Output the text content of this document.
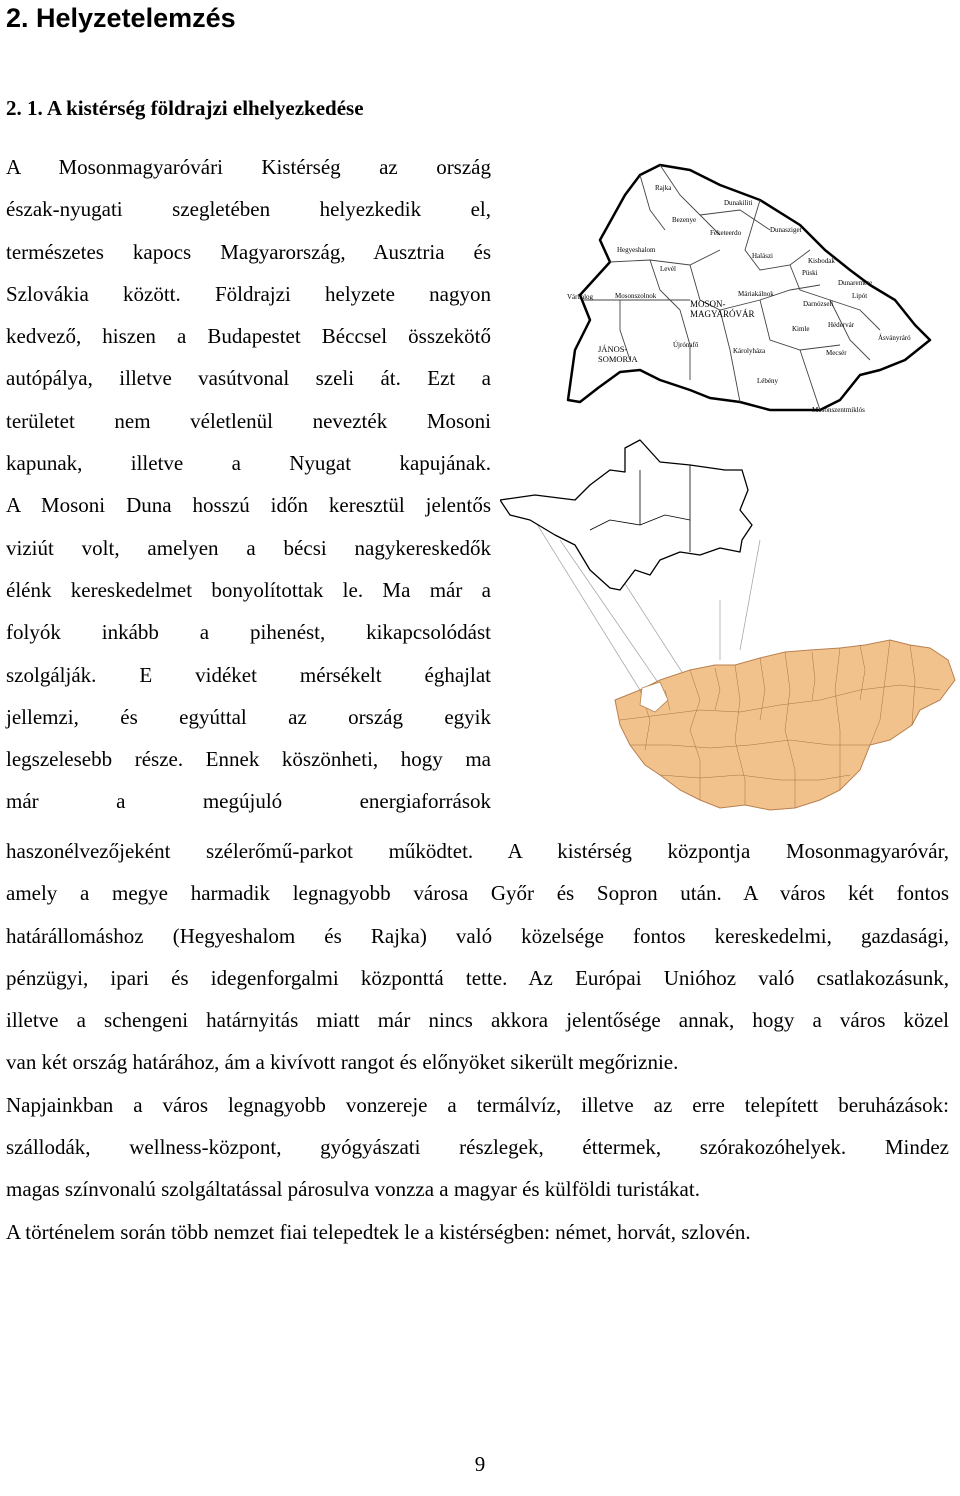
2. Helyzetelemzés
2. 1. A kistérség földrajzi elhelyezkedése
A Mosonmagyaróvári Kistérség az ország
észak-nyugati szegletében helyezkedik el,
természetes kapocs Magyarország, Ausztria és
Szlovákia között. Földrajzi helyzete nagyon
kedvező, hiszen a Budapestet Béccsel összekötő
autópálya, illetve vasútvonal szeli át. Ezt a
területet nem véletlenül nevezték Mosoni
kapunak, illetve a Nyugat kapujának.
A Mosoni Duna hosszú időn keresztül jelentős
viziút volt, amelyen a bécsi nagykereskedők
élénk kereskedelmet bonyolítottak le. Ma már a
folyók inkább a pihenést, kikapcsolódást
szolgálják. E vidéket mérsékelt éghajlat
jellemzi, és egyúttal az ország egyik
legszelesebb része. Ennek köszönheti, hogy ma
már a megújuló energiaforrások
haszonélvezőjeként szélerőmű-parkot működtet. A kistérség központja Mosonmagyaróvár,
amely a megye harmadik legnagyobb városa Győr és Sopron után. A város két fontos
határállomáshoz (Hegyeshalom és Rajka) való közelsége fontos kereskedelmi, gazdasági,
pénzügyi, ipari és idegenforgalmi központtá tette. Az Európai Unióhoz való csatlakozásunk,
illetve a schengeni határnyitás miatt már nincs akkora jelentősége annak, hogy a város közel
van két ország határához, ám a kivívott rangot és előnyöket sikerült megőriznie.
Napjainkban a város legnagyobb vonzereje a termálvíz, illetve az erre telepített beruházások:
szállodák, wellness-központ, gyógyászati részlegek, éttermek, szórakozóhelyek. Mindez
magas színvonalú szolgáltatással párosulva vonzza a magyar és külföldi turistákat.
A történelem során több nemzet fiai telepedtek le a kistérségben: német, horvát, szlovén.
Rajka
Dunakiliti
Bezenye
Feketeerdo	Dunasziget
Hegyeshalom
Halászi
Kisbodak
Levél	Püski
Dunaremete
Várbalog	Mosonszolnok	Máriakálnok	Lipót
Darnózseli
MOSON- MAGYARÓVÁR
Kimle	Hédervár
Ásványráró
JÁNOS- SOMORJA
Újrónafő
Károlyháza	Mecsér
Lébény
Mosonszentmiklós
9
